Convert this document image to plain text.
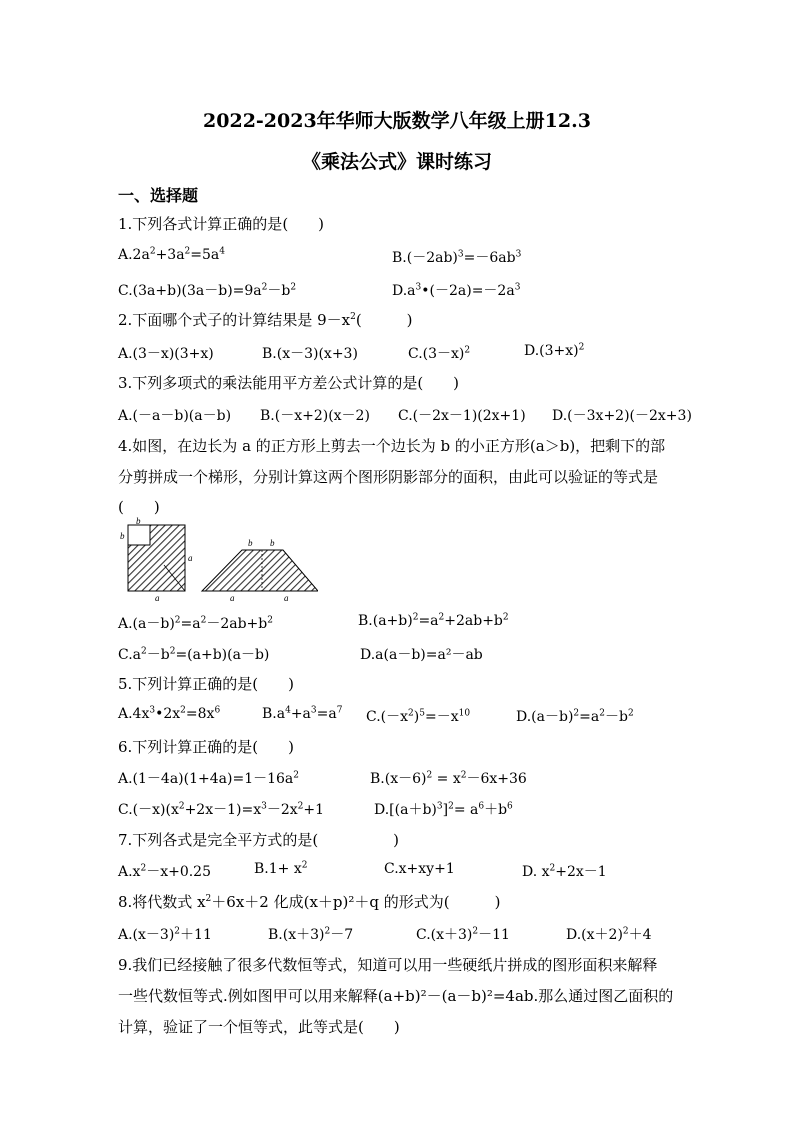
2022-2023年华师大版数学八年级上册12.3
《乘法公式》课时练习
一、选择题
1.下列各式计算正确的是(　　)
$A.2a^2+3a^2=5a^4$	$B.(-2ab)^3=-6ab^3$
$C.(3a+b)(3a-b)=9a^2-b^2$	$D.a^3•(-2a)=-2a^3$
2.下面哪个式子的计算结果是 $9-x^2$(　　　)
A.(3－x)(3+x)	B.(x－3)(x+3)	$C.(3-x)^2$	$D.(3+x)^2$
3.下列多项式的乘法能用平方差公式计算的是(　　)
A.(－a－b)(a－b) B.(－x+2)(x－2) C.(－2x－1)(2x+1) D.(－3x+2)(－2x+3)
4.如图，在边长为 a 的正方形上剪去一个边长为 b 的小正方形(a＞b)，把剩下的部
分剪拼成一个梯形，分别计算这两个图形阴影部分的面积，由此可以验证的等式是
(　　)
b
b
a
a
b b
a	a
$A.(a-b)^2=a^2-2ab+b^2$	$B.(a+b)^2=a^2+2ab+b^2$
$C.a^2-b^2=(a+b)(a-b)$	D.a(a－b)=a²－ab
5.下列计算正确的是(　　)
$A.4x^3•2x^2=8x^6$	$B.a^4+a^3=a^7$ $C.(-x^2)^5=-x^{10}$	$D.(a-b)^2=a^2-b^2$
6.下列计算正确的是(　　)
$A.(1-4a)(1+4a)=1-16a^2$	$B.(x-6)^2 = x^2-6x+36$
$C.(-x)(x^2+2x-1)=x^3-2x^2+1$	$D.[(a+b)^3]^2= a^6+b^6$
7.下列各式是完全平方式的是(　　　　　)
$A.x^2-x+0.25$	$B.1+ x^2$	C.x+xy+1	D. $x^2+2x-1$
8.将代数式 $x^2+6x+2$ 化成(x＋p)²＋q 的形式为(　　　)
$A.(x-3)^2+11$	$B.(x+3)^2-7$	$C.(x+3)^2-11$	$D.(x+2)^2+4$
9.我们已经接触了很多代数恒等式，知道可以用一些硬纸片拼成的图形面积来解释
一些代数恒等式.例如图甲可以用来解释(a+b)²－(a－b)²=4ab.那么通过图乙面积的
计算，验证了一个恒等式，此等式是(　　)
